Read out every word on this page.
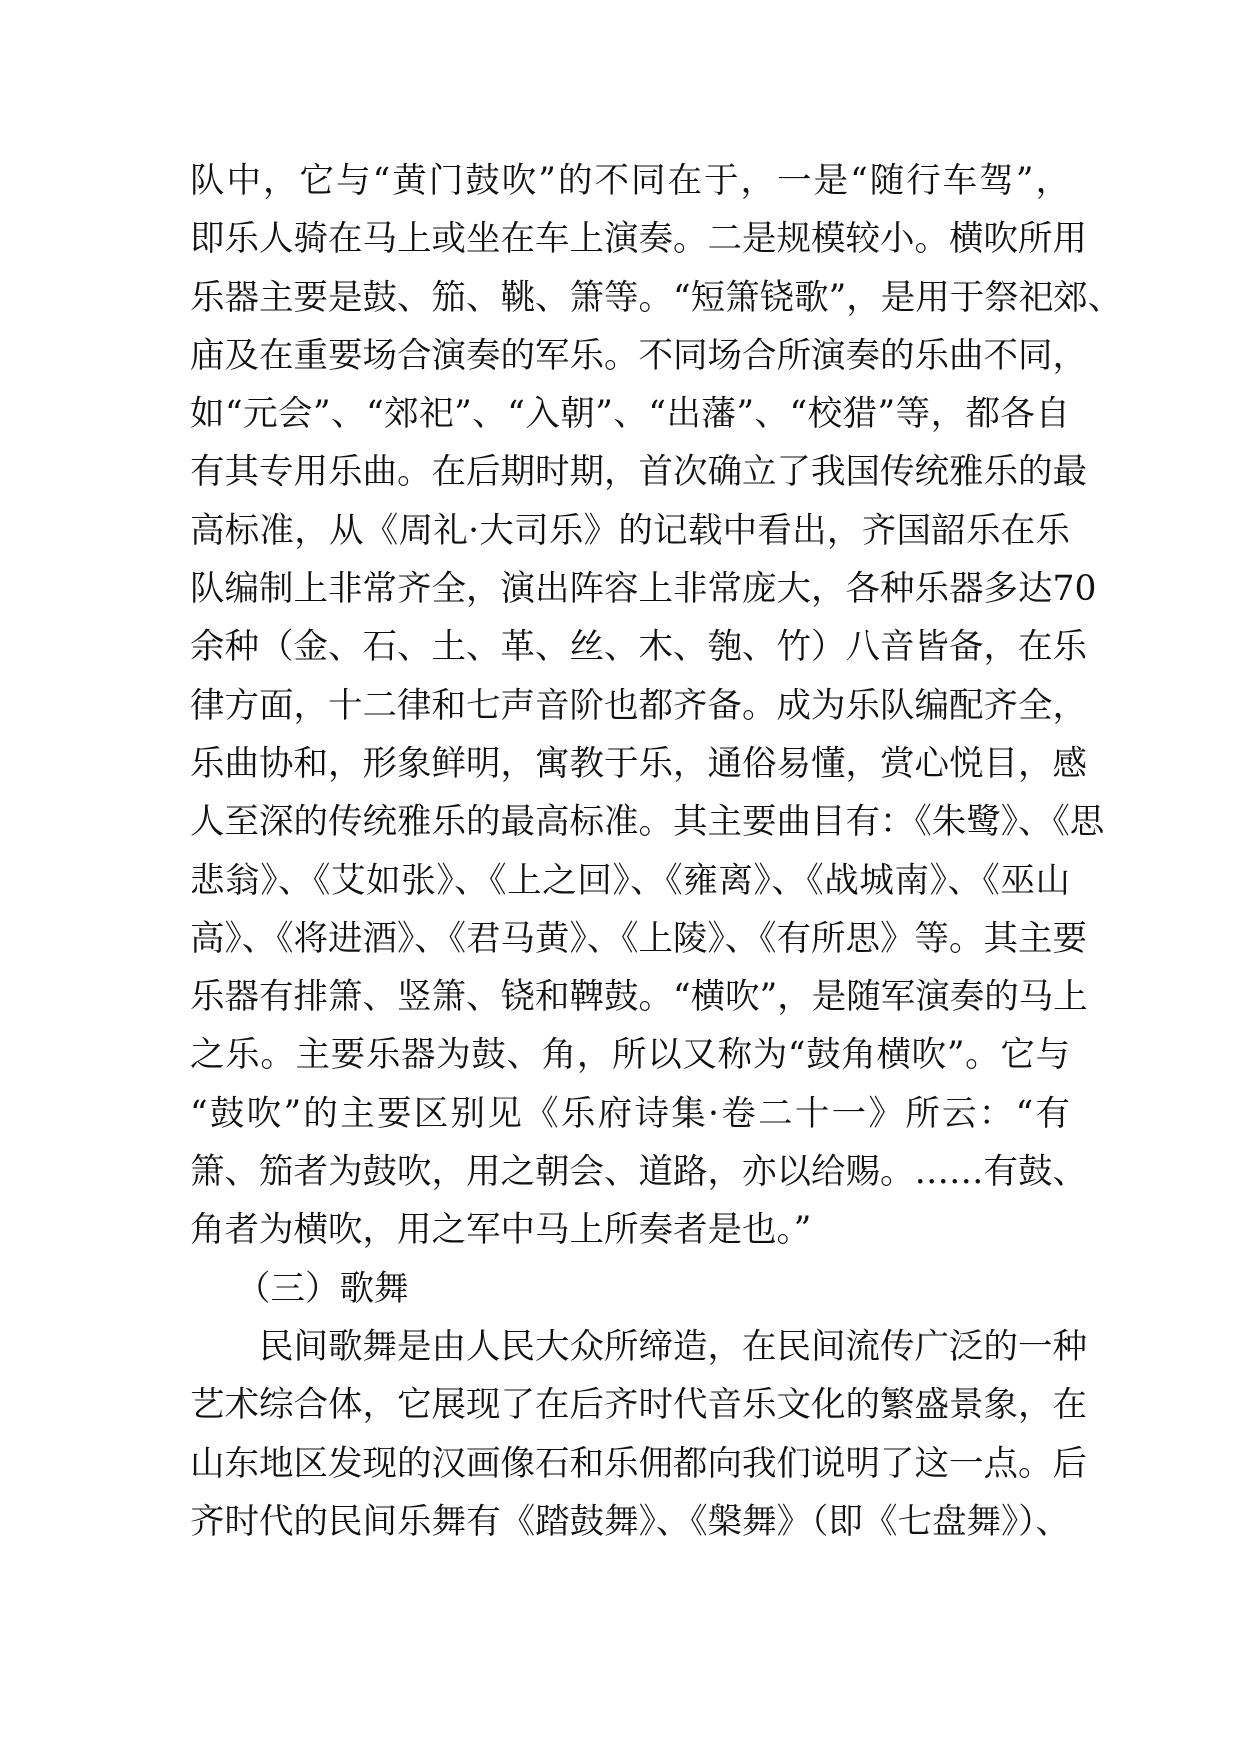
队中，它与“黄门鼓吹”的不同在于，一是“随行车驾”，
即乐人骑在马上或坐在车上演奏。二是规模较小。横吹所用
乐器主要是鼓、笳、鞉、箫等。“短箫铙歌”，是用于祭祀郊、
庙及在重要场合演奏的军乐。不同场合所演奏的乐曲不同，
如“元会”、“郊祀”、“入朝”、“出藩”、“校猎”等，都各自
有其专用乐曲。在后期时期，首次确立了我国传统雅乐的最
高标准，从《周礼·大司乐》的记载中看出，齐国韶乐在乐
队编制上非常齐全，演出阵容上非常庞大，各种乐器多达70
余种（金、石、土、革、丝、木、匏、竹）八音皆备，在乐
律方面，十二律和七声音阶也都齐备。成为乐队编配齐全，
乐曲协和，形象鲜明，寓教于乐，通俗易懂，赏心悦目，感
人至深的传统雅乐的最高标准。其主要曲目有：《朱鹭》、《思
悲翁》、《艾如张》、《上之回》、《雍离》、《战城南》、《巫山
高》、《将进酒》、《君马黄》、《上陵》、《有所思》等。其主要
乐器有排箫、竖箫、铙和鞞鼓。“横吹”，是随军演奏的马上
之乐。主要乐器为鼓、角，所以又称为“鼓角横吹”。它与
“鼓吹”的主要区别见《乐府诗集·卷二十一》所云：“有
箫、笳者为鼓吹，用之朝会、道路，亦以给赐。……有鼓、
角者为横吹，用之军中马上所奏者是也。”
（三）歌舞
民间歌舞是由人民大众所缔造，在民间流传广泛的一种
艺术综合体，它展现了在后齐时代音乐文化的繁盛景象，在
山东地区发现的汉画像石和乐佣都向我们说明了这一点。后
齐时代的民间乐舞有《踏鼓舞》、《槃舞》（即《七盘舞》）、
